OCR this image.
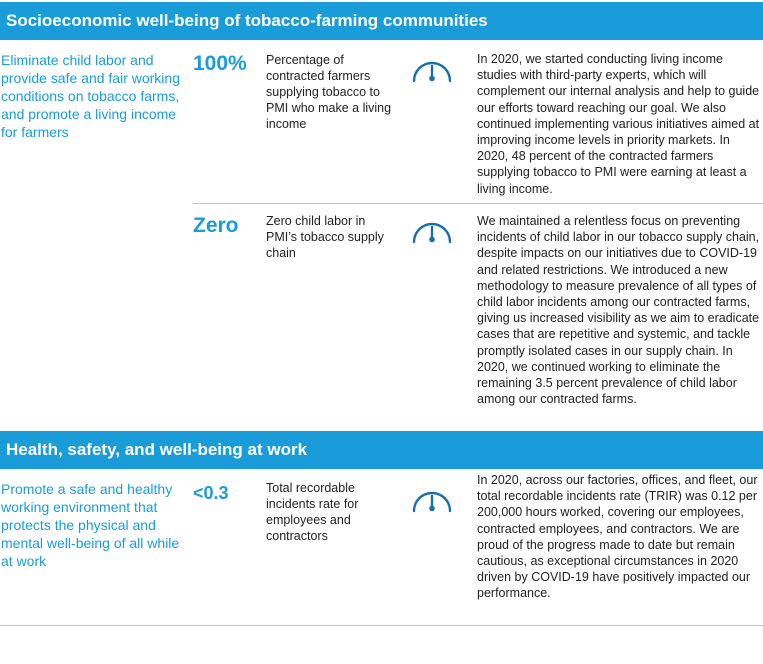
Socioeconomic well-being of tobacco-farming communities
Eliminate child labor and provide safe and fair working conditions on tobacco farms, and promote a living income for farmers
100% Percentage of contracted farmers supplying tobacco to PMI who make a living income
In 2020, we started conducting living income studies with third-party experts, which will complement our internal analysis and help to guide our efforts toward reaching our goal. We also continued implementing various initiatives aimed at improving income levels in priority markets. In 2020, 48 percent of the contracted farmers supplying tobacco to PMI were earning at least a living income.
Zero Zero child labor in PMI’s tobacco supply chain
We maintained a relentless focus on preventing incidents of child labor in our tobacco supply chain, despite impacts on our initiatives due to COVID-19 and related restrictions. We introduced a new methodology to measure prevalence of all types of child labor incidents among our contracted farms, giving us increased visibility as we aim to eradicate cases that are repetitive and systemic, and tackle promptly isolated cases in our supply chain. In 2020, we continued working to eliminate the remaining 3.5 percent prevalence of child labor among our contracted farms.
Health, safety, and well-being at work
Promote a safe and healthy working environment that protects the physical and mental well-being of all while at work
<0.3	Total recordable incidents rate for employees and contractors
In 2020, across our factories, offices, and fleet, our total recordable incidents rate (TRIR) was 0.12 per 200,000 hours worked, covering our employees, contracted employees, and contractors. We are proud of the progress made to date but remain cautious, as exceptional circumstances in 2020 driven by COVID-19 have positively impacted our performance.
